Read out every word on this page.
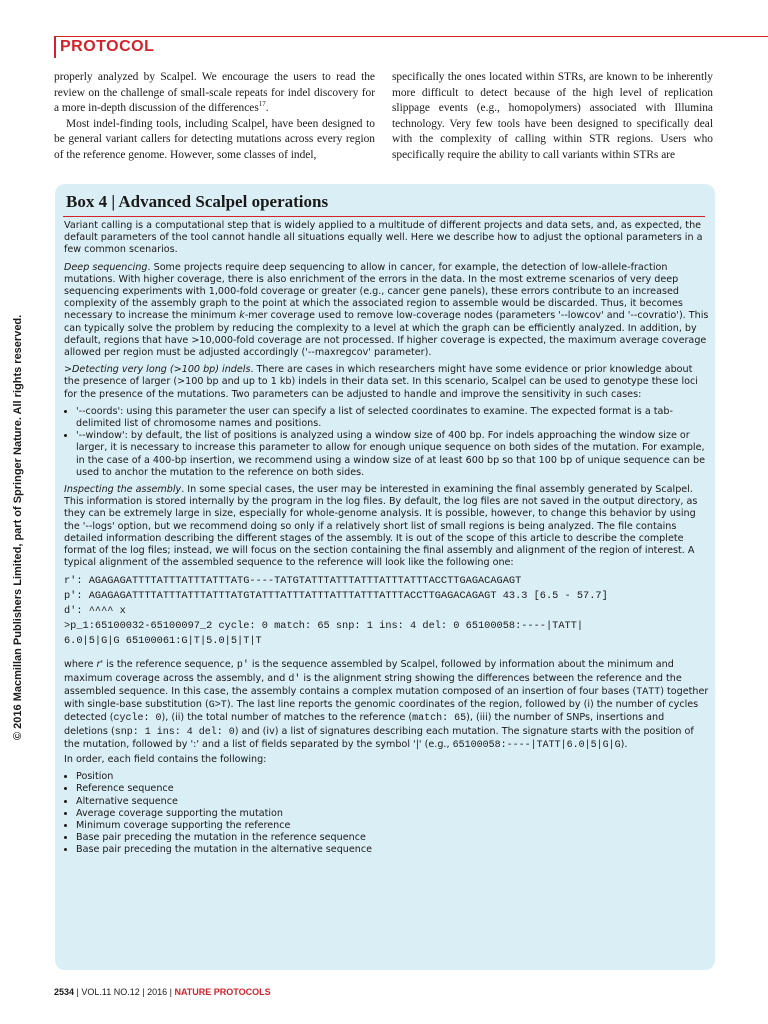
PROTOCOL
© 2016 Macmillan Publishers Limited, part of Springer Nature. All rights reserved.

properly analyzed by Scalpel. We encourage the users to read the review on the challenge of small-scale repeats for indel discovery for a more in-depth discussion of the differences$^{17}$.

Most indel-finding tools, including Scalpel, have been designed to be general variant callers for detecting mutations across every region of the reference genome. However, some classes of indel,

specifically the ones located within STRs, are known to be inherently more difficult to detect because of the high level of replication slippage events (e.g., homopolymers) associated with Illumina technology. Very few tools have been designed to specifically deal with the complexity of calling within STR regions. Users who specifically require the ability to call variants within STRs are

Box 4 | Advanced Scalpel operations

Variant calling is a computational step that is widely applied to a multitude of different projects and data sets, and, as expected, the default parameters of the tool cannot handle all situations equally well. Here we describe how to adjust the optional parameters in a few common scenarios.

Deep sequencing. Some projects require deep sequencing to allow in cancer, for example, the detection of low-allele-fraction mutations. With higher coverage, there is also enrichment of the errors in the data. In the most extreme scenarios of very deep sequencing experiments with 1,000-fold coverage or greater (e.g., cancer gene panels), these errors contribute to an increased complexity of the assembly graph to the point at which the associated region to assemble would be discarded. Thus, it becomes necessary to increase the minimum k-mer coverage used to remove low-coverage nodes (parameters '--lowcov' and '--covratio'). This can typically solve the problem by reducing the complexity to a level at which the graph can be efficiently analyzed. In addition, by default, regions that have >10,000-fold coverage are not processed. If higher coverage is expected, the maximum average coverage allowed per region must be adjusted accordingly ('--maxregcov' parameter).

>Detecting very long (>100 bp) indels. There are cases in which researchers might have some evidence or prior knowledge about the presence of larger (>100 bp and up to 1 kb) indels in their data set. In this scenario, Scalpel can be used to genotype these loci for the presence of the mutations. Two parameters can be adjusted to handle and improve the sensitivity in such cases:

• '--coords': using this parameter the user can specify a list of selected coordinates to examine. The expected format is a tab-delimited list of chromosome names and positions.
• '--window': by default, the list of positions is analyzed using a window size of 400 bp. For indels approaching the window size or larger, it is necessary to increase this parameter to allow for enough unique sequence on both sides of the mutation. For example, in the case of a 400-bp insertion, we recommend using a window size of at least 600 bp so that 100 bp of unique sequence can be used to anchor the mutation to the reference on both sides.

Inspecting the assembly. In some special cases, the user may be interested in examining the final assembly generated by Scalpel. This information is stored internally by the program in the log files. By default, the log files are not saved in the output directory, as they can be extremely large in size, especially for whole-genome analysis. It is possible, however, to change this behavior by using the '--logs' option, but we recommend doing so only if a relatively short list of small regions is being analyzed. The file contains detailed information describing the different stages of the assembly. It is out of the scope of this article to describe the complete format of the log files; instead, we will focus on the section containing the final assembly and alignment of the region of interest. A typical alignment of the assembled sequence to the reference will look like the following one:

r': AGAGAGATTTTATTTATTTATTTATG----TATGTATTTATTTATTTATTTATTTACCTTGAGACAGAGT
p': AGAGAGATTTTATTTATTTATTTATGTATTTATTTATTTATTTATTTATTTACCTTGAGACAGAGT 43.3 [6.5 - 57.7]
d': ^^^^ x
>p_1:65100032-65100097_2 cycle: 0 match: 65 snp: 1 ins: 4 del: 0 65100058:----|TATT|
6.0|5|G|G 65100061:G|T|5.0|5|T|T

where r' is the reference sequence, p' is the sequence assembled by Scalpel, followed by information about the minimum and maximum coverage across the assembly, and d' is the alignment string showing the differences between the reference and the assembled sequence. In this case, the assembly contains a complex mutation composed of an insertion of four bases (TATT) together with single-base substitution (G>T). The last line reports the genomic coordinates of the region, followed by (i) the number of cycles detected (cycle: 0), (ii) the total number of matches to the reference (match: 65), (iii) the number of SNPs, insertions and deletions (snp: 1 ins: 4 del: 0) and (iv) a list of signatures describing each mutation. The signature starts with the position of the mutation, followed by ':' and a list of fields separated by the symbol '|' (e.g., 65100058:----|TATT|6.0|5|G|G).

In order, each field contains the following:

• Position
• Reference sequence
• Alternative sequence
• Average coverage supporting the mutation
• Minimum coverage supporting the reference
• Base pair preceding the mutation in the reference sequence
• Base pair preceding the mutation in the alternative sequence
2534 | VOL.11 NO.12 | 2016 | NATURE PROTOCOLS
